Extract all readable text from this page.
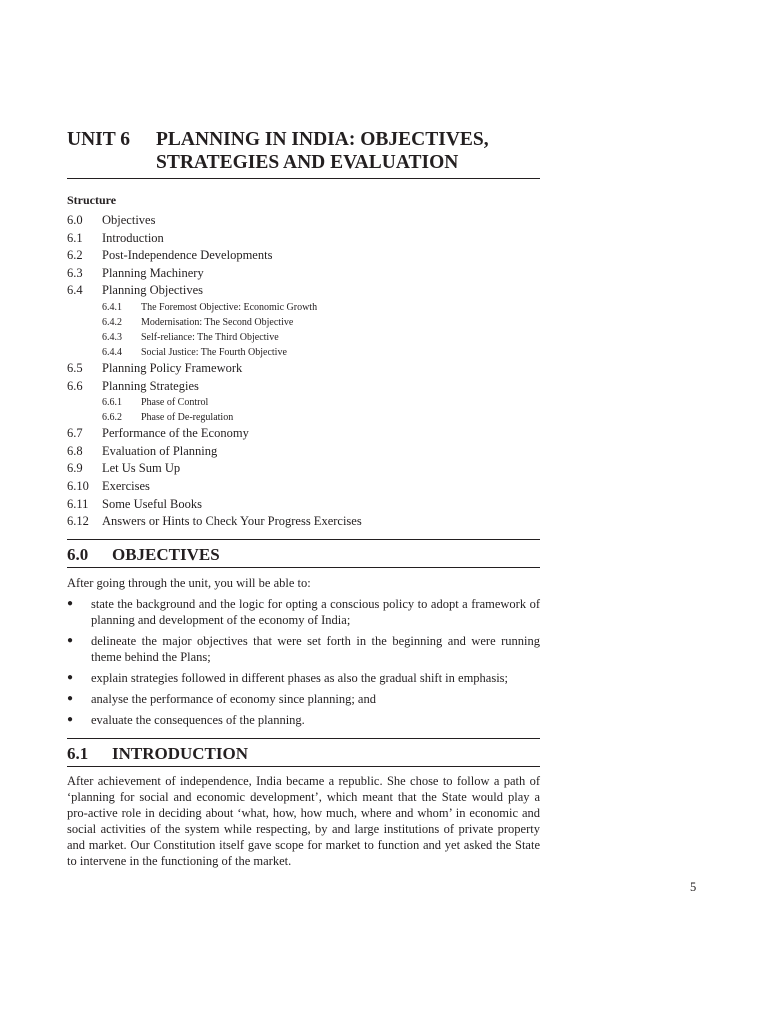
UNIT 6	PLANNING IN INDIA: OBJECTIVES,
STRATEGIES AND EVALUATION
Structure
6.0	Objectives
6.1	Introduction
6.2	Post-Independence Developments
6.3	Planning Machinery
6.4	Planning Objectives
6.4.1	The Foremost Objective: Economic Growth
6.4.2	Modernisation: The Second Objective
6.4.3	Self-reliance: The Third Objective
6.4.4	Social Justice: The Fourth Objective
6.5	Planning Policy Framework
6.6	Planning Strategies
6.6.1	Phase of Control
6.6.2	Phase of De-regulation
6.7	Performance of the Economy
6.8	Evaluation of Planning
6.9	Let Us Sum Up
6.10	Exercises
6.11	Some Useful Books
6.12	Answers or Hints to Check Your Progress Exercises
6.0	OBJECTIVES
After going through the unit, you will be able to:
●	state the background and the logic for opting a conscious policy to adopt a framework of planning and development of the economy of India;
●	delineate the major objectives that were set forth in the beginning and were running theme behind the Plans;
●	explain strategies followed in different phases as also the gradual shift in emphasis;
●	analyse the performance of economy since planning; and
●	evaluate the consequences of the planning.
6.1	INTRODUCTION
After achievement of independence, India became a republic. She chose to follow a path of ‘planning for social and economic development’, which meant that the State would play a pro-active role in deciding about ‘what, how, how much, where and whom’ in economic and social activities of the system while respecting, by and large institutions of private property and market. Our Constitution itself gave scope for market to function and yet asked the State to intervene in the functioning of the market.
5
